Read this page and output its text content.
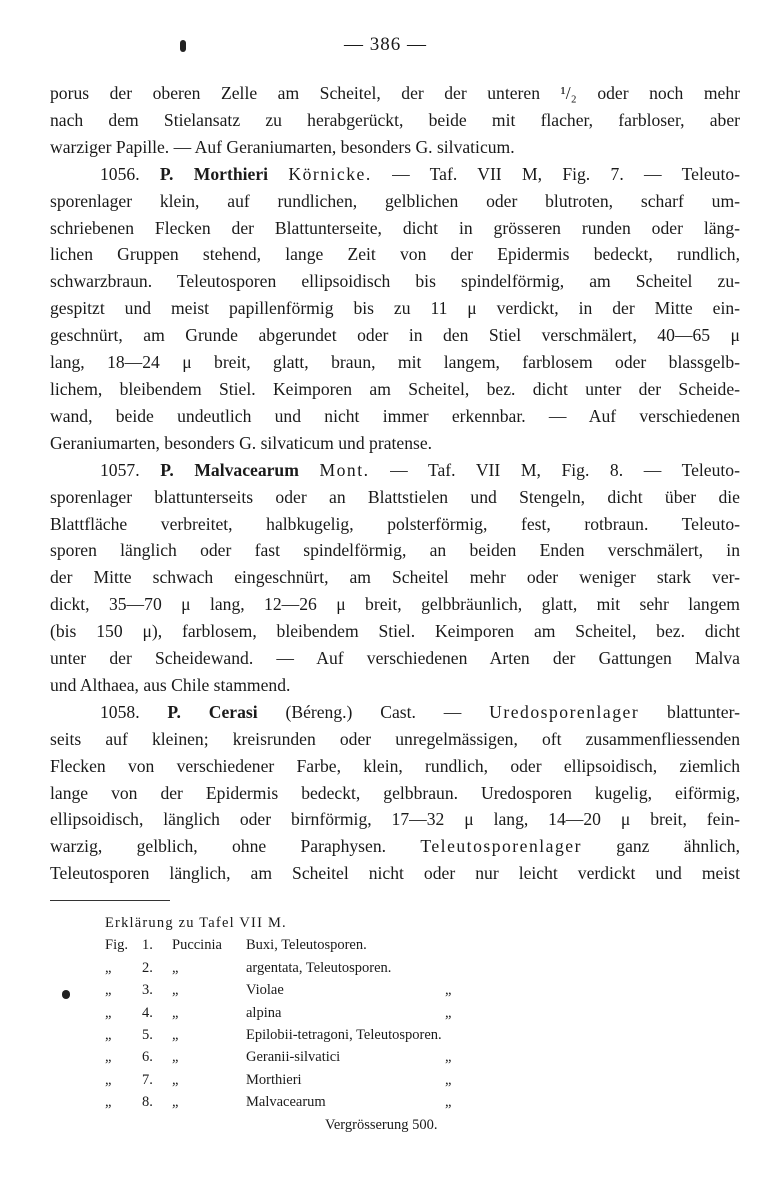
— 386 —
porus der oberen Zelle am Scheitel, der der unteren ¹/₂ oder noch mehr
nach dem Stielansatz zu herabgerückt, beide mit flacher, farbloser, aber
warziger Papille. — Auf Geraniumarten, besonders G. silvaticum.
1056. P. Morthieri Körnicke. — Taf. VII M, Fig. 7. — Teleuto-
sporenlager klein, auf rundlichen, gelblichen oder blutroten, scharf um-
schriebenen Flecken der Blattunterseite, dicht in grösseren runden oder läng-
lichen Gruppen stehend, lange Zeit von der Epidermis bedeckt, rundlich,
schwarzbraun. Teleutosporen ellipsoidisch bis spindelförmig, am Scheitel zu-
gespitzt und meist papillenförmig bis zu 11 μ verdickt, in der Mitte ein-
geschnürt, am Grunde abgerundet oder in den Stiel verschmälert, 40—65 μ
lang, 18—24 μ breit, glatt, braun, mit langem, farblosem oder blassgelb-
lichem, bleibendem Stiel. Keimporen am Scheitel, bez. dicht unter der Scheide-
wand, beide undeutlich und nicht immer erkennbar. — Auf verschiedenen
Geraniumarten, besonders G. silvaticum und pratense.
1057. P. Malvacearum Mont. — Taf. VII M, Fig. 8. — Teleuto-
sporenlager blattunterseits oder an Blattstielen und Stengeln, dicht über die
Blattfläche verbreitet, halbkugelig, polsterförmig, fest, rotbraun. Teleuto-
sporen länglich oder fast spindelförmig, an beiden Enden verschmälert, in
der Mitte schwach eingeschnürt, am Scheitel mehr oder weniger stark ver-
dickt, 35—70 μ lang, 12—26 μ breit, gelbbräunlich, glatt, mit sehr langem
(bis 150 μ), farblosem, bleibendem Stiel. Keimporen am Scheitel, bez. dicht
unter der Scheidewand. — Auf verschiedenen Arten der Gattungen Malva
und Althaea, aus Chile stammend.
1058. P. Cerasi (Béreng.) Cast. — Uredosporenlager blattunter-
seits auf kleinen; kreisrunden oder unregelmässigen, oft zusammenfliessenden
Flecken von verschiedener Farbe, klein, rundlich, oder ellipsoidisch, ziemlich
lange von der Epidermis bedeckt, gelbbraun. Uredosporen kugelig, eiförmig,
ellipsoidisch, länglich oder birnförmig, 17—32 μ lang, 14—20 μ breit, fein-
warzig, gelblich, ohne Paraphysen. Teleutosporenlager ganz ähnlich,
Teleutosporen länglich, am Scheitel nicht oder nur leicht verdickt und meist
Erklärung zu Tafel VII M.
Fig. 1. Puccinia Buxi, Teleutosporen.
„ 2. „	argentata, Teleutosporen.
„ 3. „	Violae	„
„ 4. „	alpina	„
„ 5. „	Epilobii-tetragoni, Teleutosporen.
„ 6. „	Geranii-silvatici	„
„ 7. „	Morthieri	„
„ 8. „	Malvacearum	„
Vergrösserung 500.
